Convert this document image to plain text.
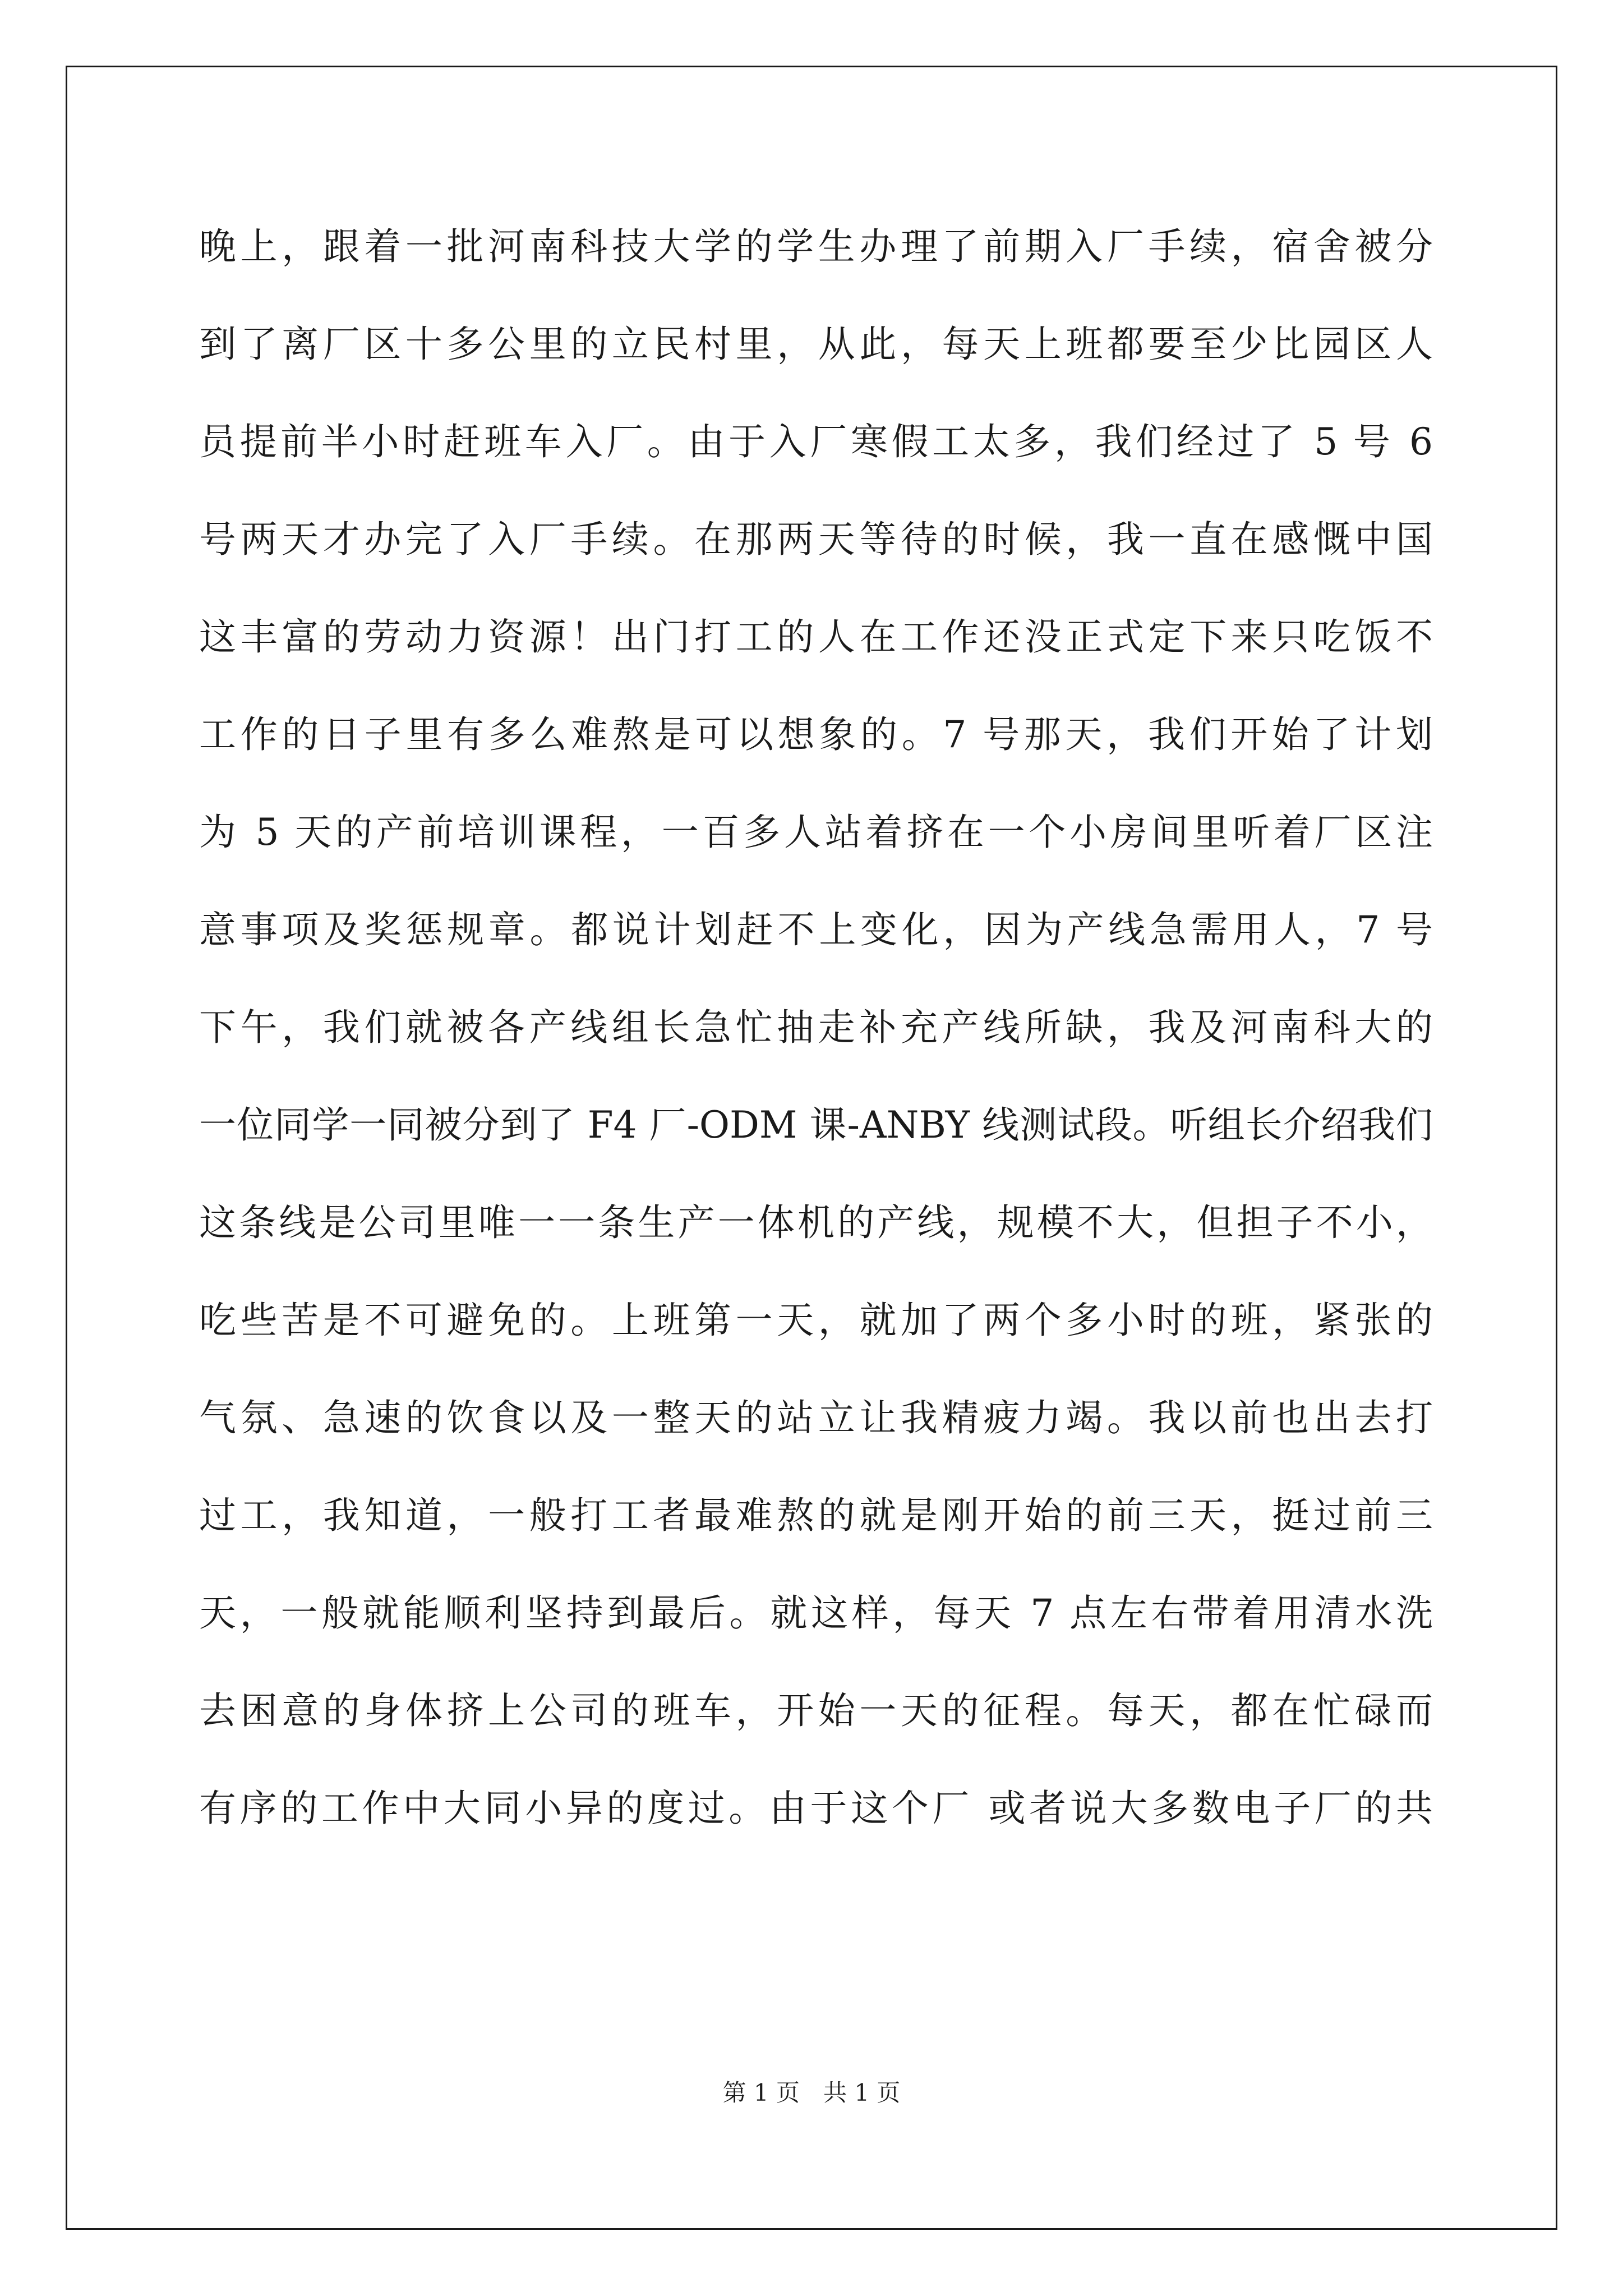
晚上，跟着一批河南科技大学的学生办理了前期入厂手续，宿舍被分
到了离厂区十多公里的立民村里，从此，每天上班都要至少比园区人
员提前半小时赶班车入厂。由于入厂寒假工太多，我们经过了 5 号 6
号两天才办完了入厂手续。在那两天等待的时候，我一直在感慨中国
这丰富的劳动力资源！出门打工的人在工作还没正式定下来只吃饭不
工作的日子里有多么难熬是可以想象的。7 号那天，我们开始了计划
为 5 天的产前培训课程，一百多人站着挤在一个小房间里听着厂区注
意事项及奖惩规章。都说计划赶不上变化，因为产线急需用人，7 号
下午，我们就被各产线组长急忙抽走补充产线所缺，我及河南科大的
一位同学一同被分到了 F4 厂-ODM 课-ANBY 线测试段。听组长介绍我们
这条线是公司里唯一一条生产一体机的产线，规模不大，但担子不小，
吃些苦是不可避免的。上班第一天，就加了两个多小时的班，紧张的
气氛、急速的饮食以及一整天的站立让我精疲力竭。我以前也出去打
过工，我知道，一般打工者最难熬的就是刚开始的前三天，挺过前三
天，一般就能顺利坚持到最后。就这样，每天 7 点左右带着用清水洗
去困意的身体挤上公司的班车，开始一天的征程。每天，都在忙碌而
有序的工作中大同小异的度过。由于这个厂 或者说大多数电子厂的共
第 1 页　共 1 页
